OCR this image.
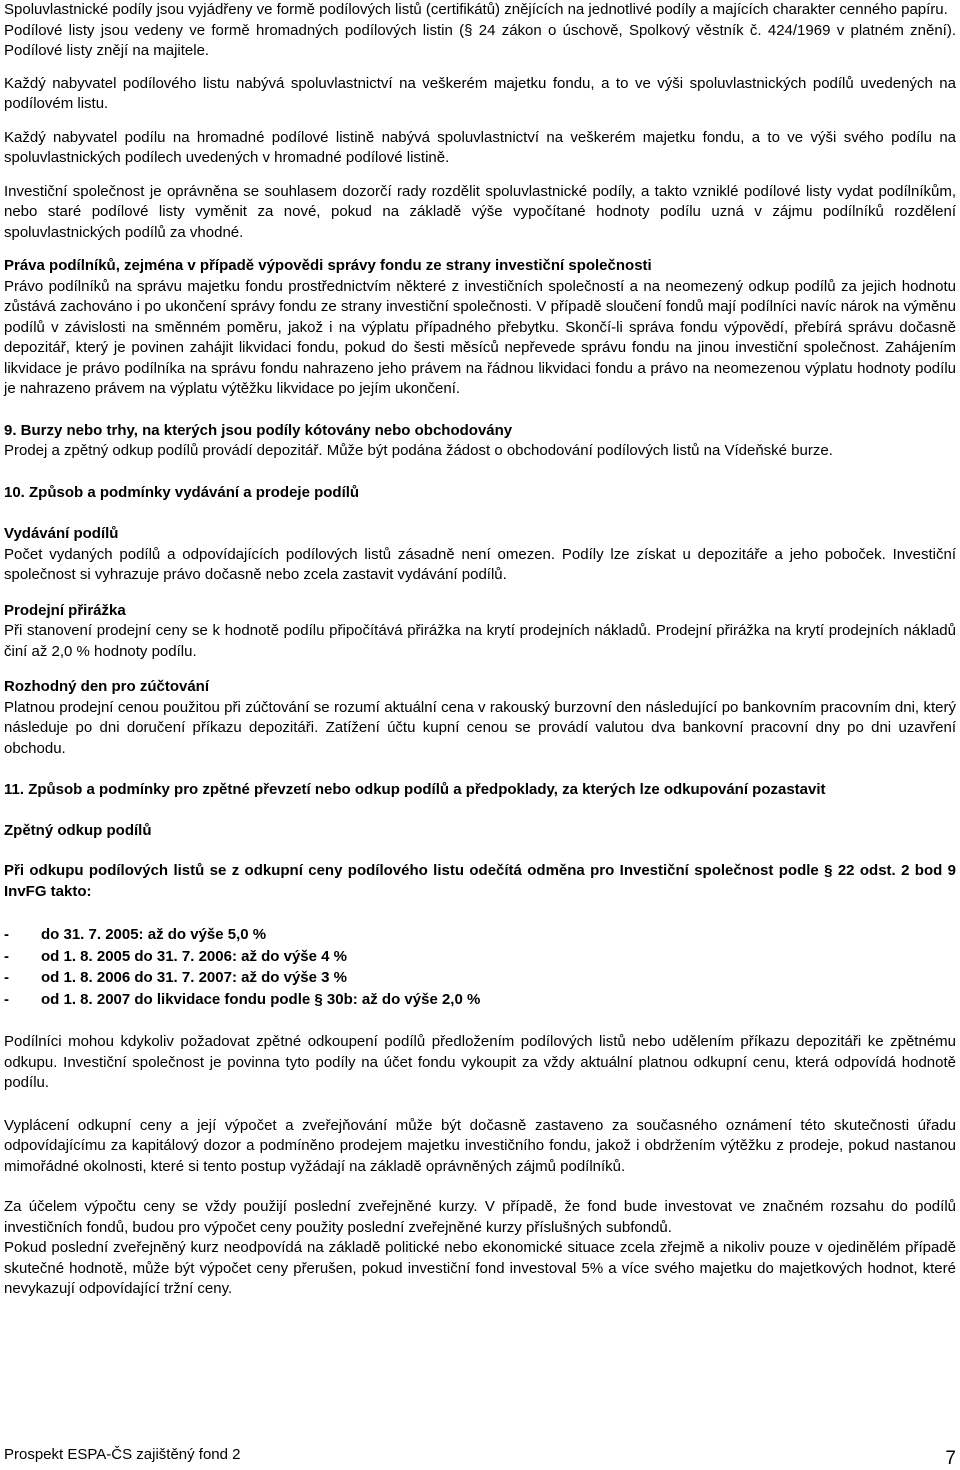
Spoluvlastnické podíly jsou vyjádřeny ve formě podílových listů (certifikátů) znějících na jednotlivé podíly a majících charakter cenného papíru.

Podílové listy jsou vedeny ve formě hromadných podílových listin (§ 24 zákon o úschově, Spolkový věstník č. 424/1969 v platném znění). Podílové listy znějí na majitele.

Každý nabyvatel podílového listu nabývá spoluvlastnictví na veškerém majetku fondu, a to ve výši spoluvlastnických podílů uvedených na podílovém listu.

Každý nabyvatel podílu na hromadné podílové listině nabývá spoluvlastnictví na veškerém majetku fondu, a to ve výši svého podílu na spoluvlastnických podílech uvedených v hromadné podílové listině.

Investiční společnost je oprávněna se souhlasem dozorčí rady rozdělit spoluvlastnické podíly, a takto vzniklé podílové listy vydat podílníkům, nebo staré podílové listy vyměnit za nové, pokud na základě výše vypočítané hodnoty podílu uzná v zájmu podílníků rozdělení spoluvlastnických podílů za vhodné.

Práva podílníků, zejména v případě výpovědi správy fondu ze strany investiční společnosti

Právo podílníků na správu majetku fondu prostřednictvím některé z investičních společností a na neomezený odkup podílů za jejich hodnotu zůstává zachováno i po ukončení správy fondu ze strany investiční společnosti. V případě sloučení fondů mají podílníci navíc nárok na výměnu podílů v závislosti na směnném poměru, jakož i na výplatu případného přebytku. Skončí-li správa fondu výpovědí, přebírá správu dočasně depozitář, který je povinen zahájit likvidaci fondu, pokud do šesti měsíců nepřevede správu fondu na jinou investiční společnost. Zahájením likvidace je právo podílníka na správu fondu nahrazeno jeho právem na řádnou likvidaci fondu a právo na neomezenou výplatu hodnoty podílu je nahrazeno právem na výplatu výtěžku likvidace po jejím ukončení.

9. Burzy nebo trhy, na kterých jsou podíly kótovány nebo obchodovány

Prodej a zpětný odkup podílů provádí depozitář. Může být podána žádost o obchodování podílových listů na Vídeňské burze.

10. Způsob a podmínky vydávání a prodeje podílů

Vydávání podílů

Počet vydaných podílů a odpovídajících podílových listů zásadně není omezen. Podíly lze získat u depozitáře a jeho poboček. Investiční společnost si vyhrazuje právo dočasně nebo zcela zastavit vydávání podílů.

Prodejní přirážka

Při stanovení prodejní ceny se k hodnotě podílu připočítává přirážka na krytí prodejních nákladů. Prodejní přirážka na krytí prodejních nákladů činí až 2,0 % hodnoty podílu.

Rozhodný den pro zúčtování

Platnou prodejní cenou použitou při zúčtování se rozumí aktuální cena v rakouský burzovní den následující po bankovním pracovním dni, který následuje po dni doručení příkazu depozitáři. Zatížení účtu kupní cenou se provádí valutou dva bankovní pracovní dny po dni uzavření obchodu.

11. Způsob a podmínky pro zpětné převzetí nebo odkup podílů a předpoklady, za kterých lze odkupování pozastavit

Zpětný odkup podílů

Při odkupu podílových listů se z odkupní ceny podílového listu odečítá odměna pro Investiční společnost podle § 22 odst. 2 bod 9 InvFG takto:

-	do 31. 7. 2005: až do výše 5,0 %
-	od 1. 8. 2005 do 31. 7. 2006: až do výše 4 %
-	od 1. 8. 2006 do 31. 7. 2007: až do výše 3 %
-	od 1. 8. 2007 do likvidace fondu podle § 30b: až do výše 2,0 %

Podílníci mohou kdykoliv požadovat zpětné odkoupení podílů předložením podílových listů nebo udělením příkazu depozitáři ke zpětnému odkupu. Investiční společnost je povinna tyto podíly na účet fondu vykoupit za vždy aktuální platnou odkupní cenu, která odpovídá hodnotě podílu.

Vyplácení odkupní ceny a její výpočet a zveřejňování může být dočasně zastaveno za současného oznámení této skutečnosti úřadu odpovídajícímu za kapitálový dozor a podmíněno prodejem majetku investičního fondu, jakož i obdržením výtěžku z prodeje, pokud nastanou mimořádné okolnosti, které si tento postup vyžádají na základě oprávněných zájmů podílníků.

Za účelem výpočtu ceny se vždy použijí poslední zveřejněné kurzy. V případě, že fond bude investovat ve značném rozsahu do podílů investičních fondů, budou pro výpočet ceny použity poslední zveřejněné kurzy příslušných subfondů.

Pokud poslední zveřejněný kurz neodpovídá na základě politické nebo ekonomické situace zcela zřejmě a nikoliv pouze v ojedinělém případě skutečné hodnotě, může být výpočet ceny přerušen, pokud investiční fond investoval 5% a více svého majetku do majetkových hodnot, které nevykazují odpovídající tržní ceny.

Prospekt ESPA-ČS zajištěný fond 2	7
